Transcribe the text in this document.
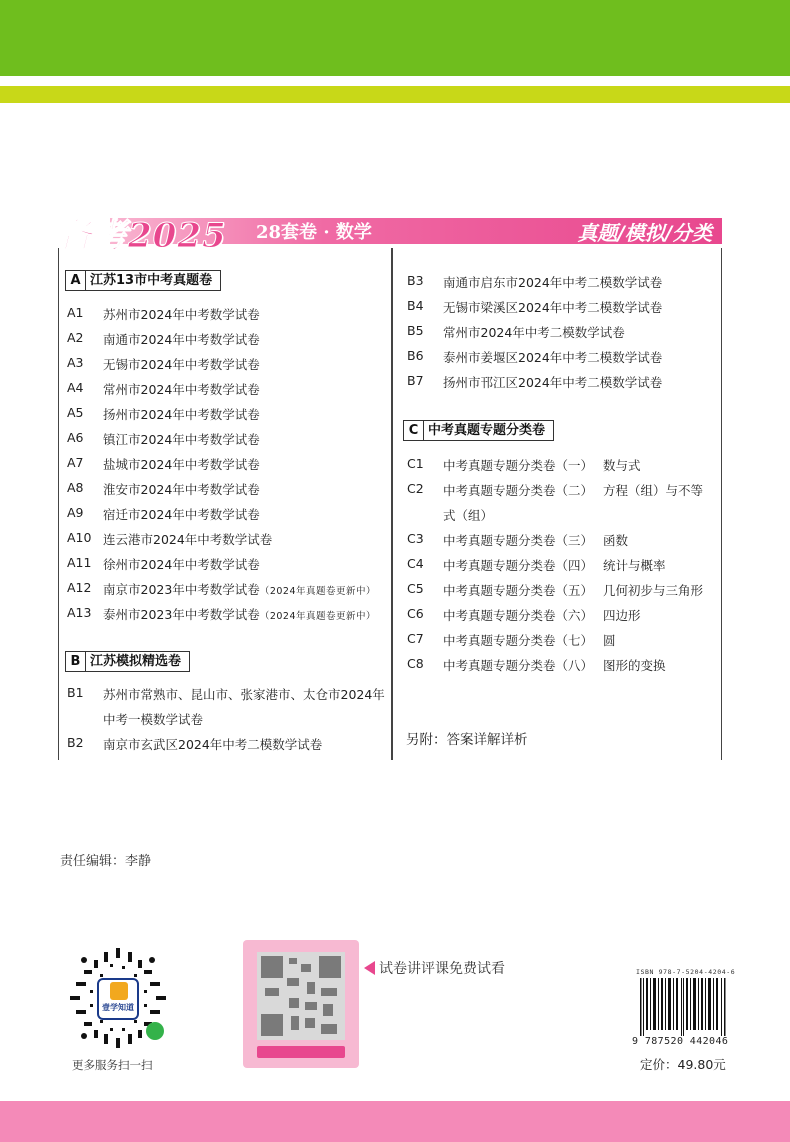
备考2025 28套卷 · 数学	真题/模拟/分类
A 江苏13市中考真题卷
A1 苏州市2024年中考数学试卷
A2 南通市2024年中考数学试卷
A3 无锡市2024年中考数学试卷
A4 常州市2024年中考数学试卷
A5 扬州市2024年中考数学试卷
A6 镇江市2024年中考数学试卷
A7 盐城市2024年中考数学试卷
A8 淮安市2024年中考数学试卷
A9 宿迁市2024年中考数学试卷
A10 连云港市2024年中考数学试卷
A11 徐州市2024年中考数学试卷
A12 南京市2023年中考数学试卷（2024年真题卷更新中）
A13 泰州市2023年中考数学试卷（2024年真题卷更新中）
B 江苏模拟精选卷
B1 苏州市常熟市、昆山市、张家港市、太仓市2024年
中考一模数学试卷
B2 南京市玄武区2024年中考二模数学试卷
B3 南通市启东市2024年中考二模数学试卷
B4 无锡市梁溪区2024年中考二模数学试卷
B5 常州市2024年中考二模数学试卷
B6 泰州市姜堰区2024年中考二模数学试卷
B7 扬州市邗江区2024年中考二模数学试卷
C 中考真题专题分类卷
C1 中考真题专题分类卷（一） 数与式
C2 中考真题专题分类卷（二） 方程（组）与不等
式（组）
C3 中考真题专题分类卷（三） 函数
C4 中考真题专题分类卷（四） 统计与概率
C5 中考真题专题分类卷（五） 几何初步与三角形
C6 中考真题专题分类卷（六） 四边形
C7 中考真题专题分类卷（七） 圆
C8 中考真题专题分类卷（八） 图形的变换
另附：答案详解详析
责任编辑：李静
壹学知道
更多服务扫一扫
试卷讲评课免费试看	ISBN 978-7-5204-4204-6
9 787520 442046
定价：49.80元
